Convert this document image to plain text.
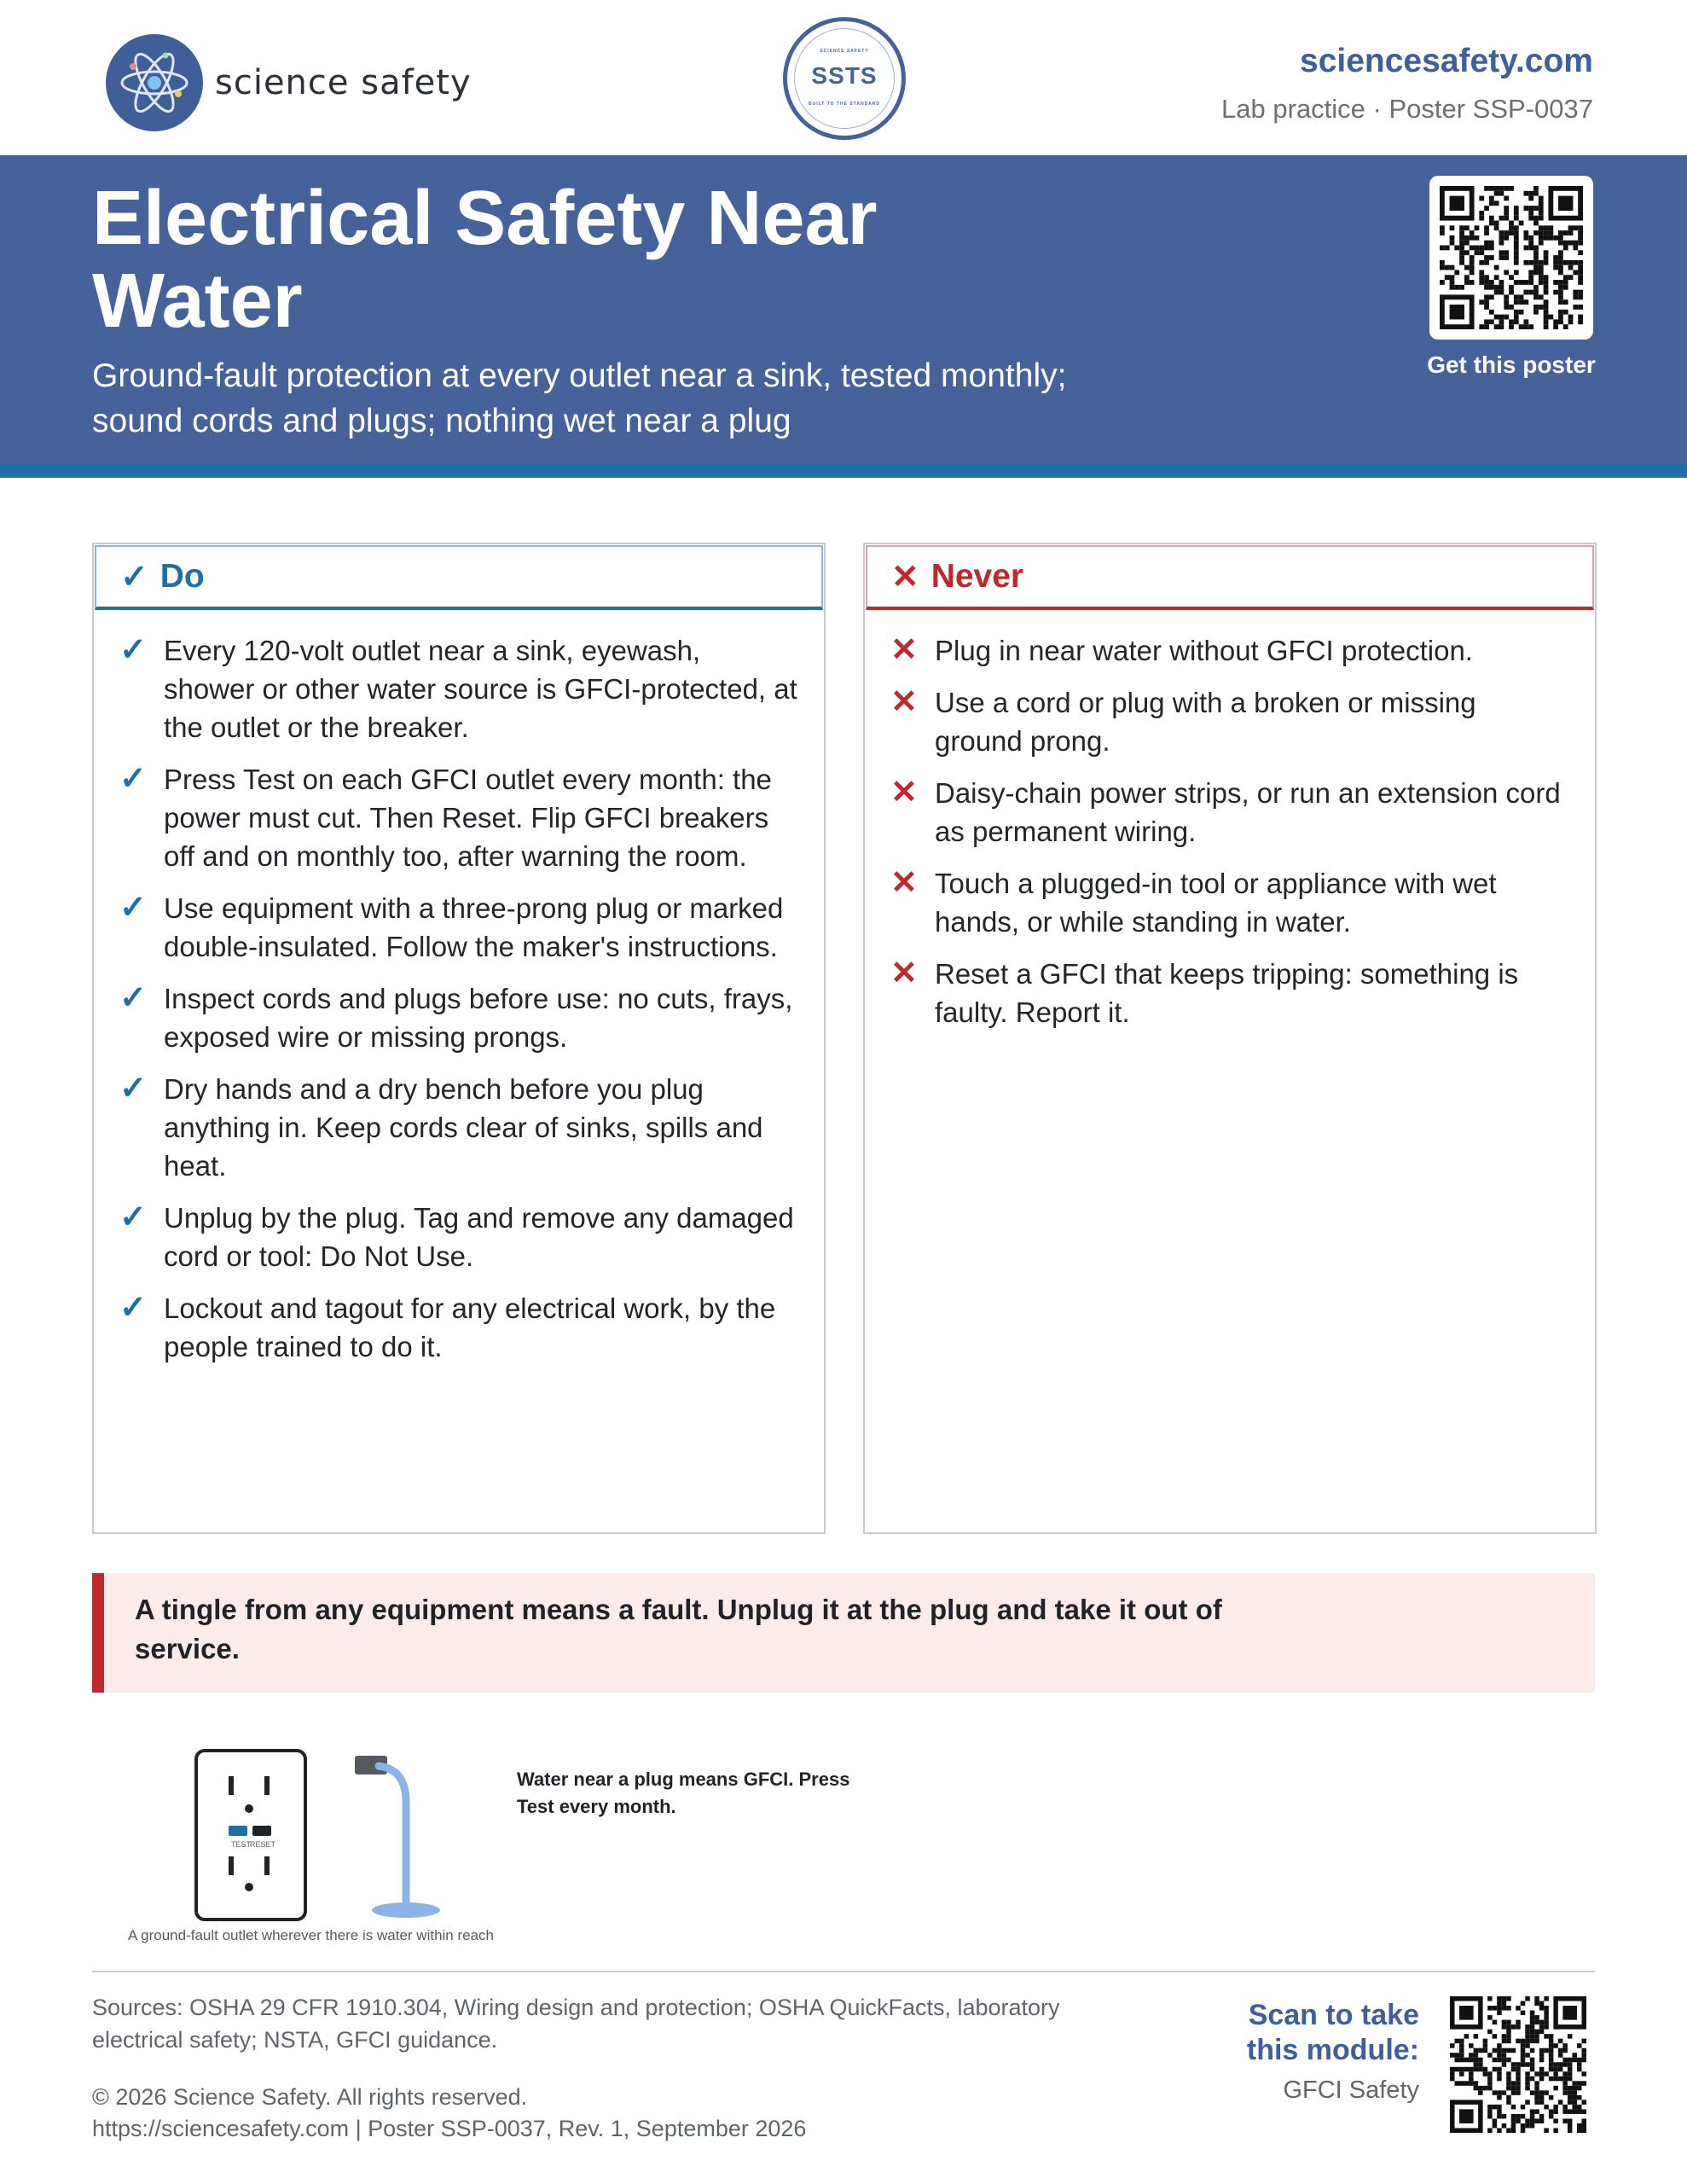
science safety
SCIENCE SAFETY
SSTS
BUILT TO THE STANDARD
sciencesafety.com
Lab practice · Poster SSP-0037
Electrical Safety Near Water

Ground-fault protection at every outlet near a sink, tested monthly; sound cords and plugs; nothing wet near a plug

Get this poster
✓ Do
✓ Every 120-volt outlet near a sink, eyewash, shower or other water source is GFCI-protected, at the outlet or the breaker.
✓ Press Test on each GFCI outlet every month: the power must cut. Then Reset. Flip GFCI breakers off and on monthly too, after warning the room.
✓ Use equipment with a three-prong plug or marked double-insulated. Follow the maker's instructions.
✓ Inspect cords and plugs before use: no cuts, frays, exposed wire or missing prongs.
✓ Dry hands and a dry bench before you plug anything in. Keep cords clear of sinks, spills and heat.
✓ Unplug by the plug. Tag and remove any damaged cord or tool: Do Not Use.
✓ Lockout and tagout for any electrical work, by the people trained to do it.
✕ Never
✕ Plug in near water without GFCI protection.
✕ Use a cord or plug with a broken or missing ground prong.
✕ Daisy-chain power strips, or run an extension cord as permanent wiring.
✕ Touch a plugged-in tool or appliance with wet hands, or while standing in water.
✕ Reset a GFCI that keeps tripping: something is faulty. Report it.

A tingle from any equipment means a fault. Unplug it at the plug and take it out of service.

TEST
RESET
A ground-fault outlet wherever there is water within reach
Water near a plug means GFCI. Press Test every month.

Sources: OSHA 29 CFR 1910.304, Wiring design and protection; OSHA QuickFacts, laboratory electrical safety; NSTA, GFCI guidance.

© 2026 Science Safety. All rights reserved.
https://sciencesafety.com | Poster SSP-0037, Rev. 1, September 2026
Scan to take this module:
GFCI Safety
